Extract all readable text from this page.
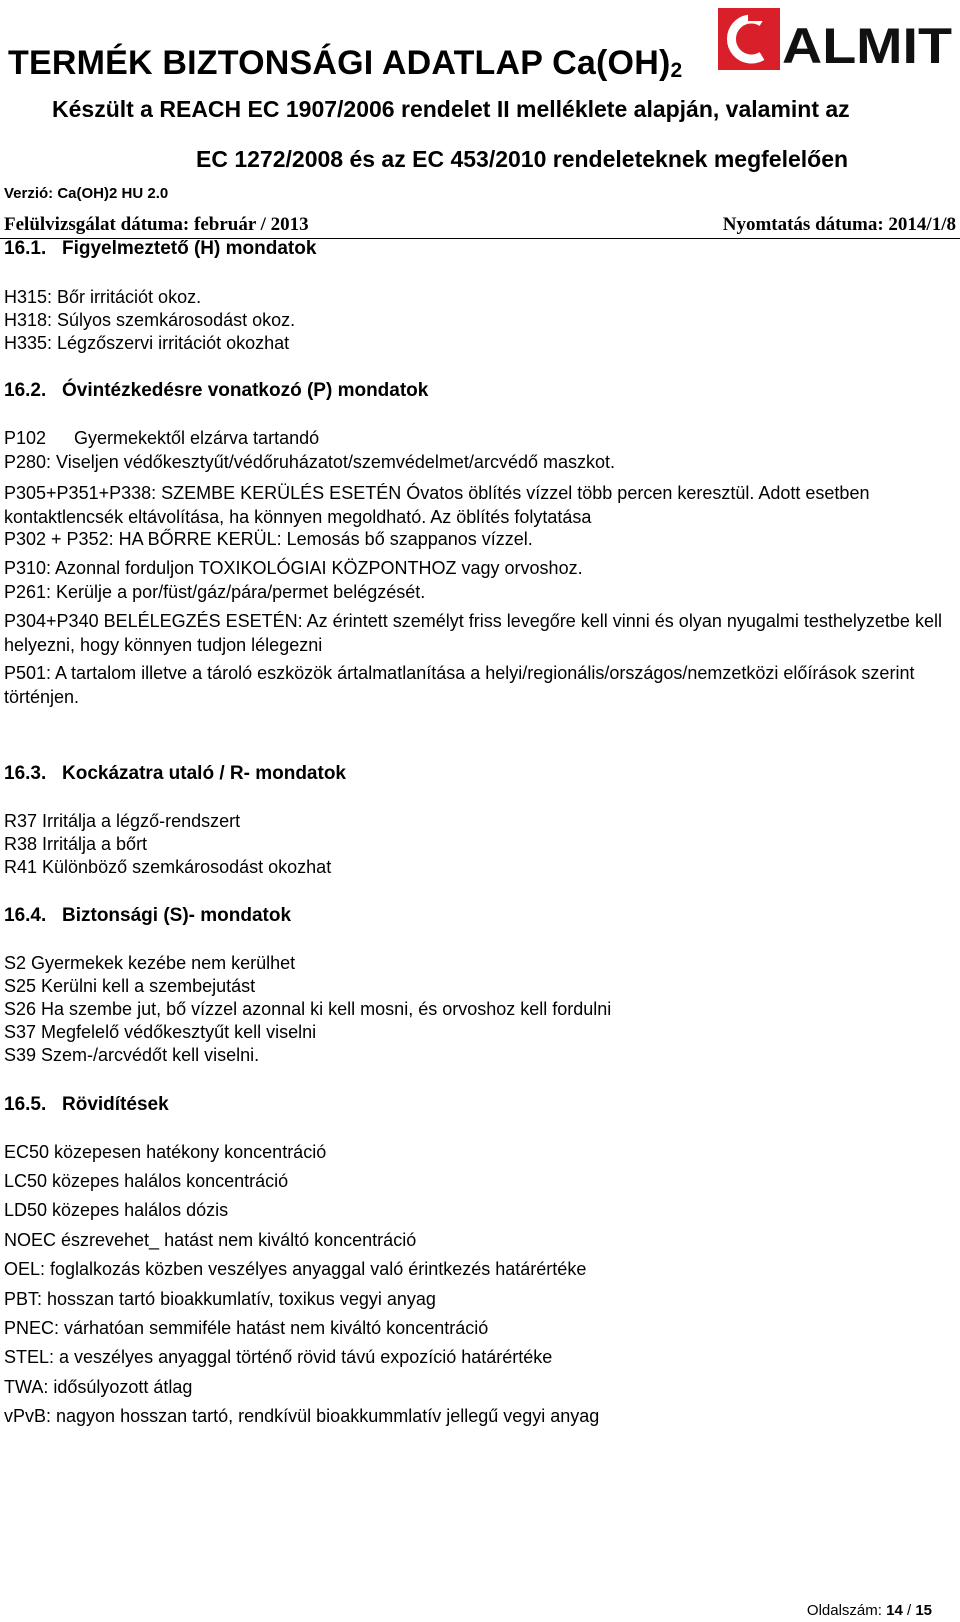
TERMÉK BIZTONSÁGI ADATLAP $Ca(OH)_2$ ALMIT
Készült a REACH EC 1907/2006 rendelet II melléklete alapján, valamint az
EC 1272/2008 és az EC 453/2010 rendeleteknek megfelelően
Verzió: Ca(OH)2 HU 2.0
Felülvizsgálat dátuma: február / 2013	Nyomtatás dátuma: 2014/1/8
16.1. Figyelmeztető (H) mondatok
H315: Bőr irritációt okoz.
H318: Súlyos szemkárosodást okoz.
H335: Légzőszervi irritációt okozhat
16.2. Óvintézkedésre vonatkozó (P) mondatok
P102 Gyermekektől elzárva tartandó
P280: Viseljen védőkesztyűt/védőruházatot/szemvédelmet/arcvédő maszkot.
P305+P351+P338: SZEMBE KERÜLÉS ESETÉN Óvatos öblítés vízzel több percen keresztül. Adott esetben kontaktlencsék eltávolítása, ha könnyen megoldható. Az öblítés folytatása
P302 + P352: HA BŐRRE KERÜL: Lemosás bő szappanos vízzel.
P310: Azonnal forduljon TOXIKOLÓGIAI KÖZPONTHOZ vagy orvoshoz.
P261: Kerülje a por/füst/gáz/pára/permet belégzését.
P304+P340 BELÉLEGZÉS ESETÉN: Az érintett személyt friss levegőre kell vinni és olyan nyugalmi testhelyzetbe kell helyezni, hogy könnyen tudjon lélegezni
P501: A tartalom illetve a tároló eszközök ártalmatlanítása a helyi/regionális/országos/nemzetközi előírások szerint történjen.
16.3. Kockázatra utaló / R- mondatok
R37 Irritálja a légző-rendszert
R38 Irritálja a bőrt
R41 Különböző szemkárosodást okozhat
16.4. Biztonsági (S)- mondatok
S2 Gyermekek kezébe nem kerülhet
S25 Kerülni kell a szembejutást
S26 Ha szembe jut, bő vízzel azonnal ki kell mosni, és orvoshoz kell fordulni
S37 Megfelelő védőkesztyűt kell viselni
S39 Szem-/arcvédőt kell viselni.
16.5. Rövidítések
EC50 közepesen hatékony koncentráció
LC50 közepes halálos koncentráció
LD50 közepes halálos dózis
NOEC észrevehet_ hatást nem kiváltó koncentráció
OEL: foglalkozás közben veszélyes anyaggal való érintkezés határértéke
PBT: hosszan tartó bioakkumlatív, toxikus vegyi anyag
PNEC: várhatóan semmiféle hatást nem kiváltó koncentráció
STEL: a veszélyes anyaggal történő rövid távú expozíció határértéke
TWA: idősúlyozott átlag
vPvB: nagyon hosszan tartó, rendkívül bioakkummlatív jellegű vegyi anyag
Oldalszám: 14 / 15
